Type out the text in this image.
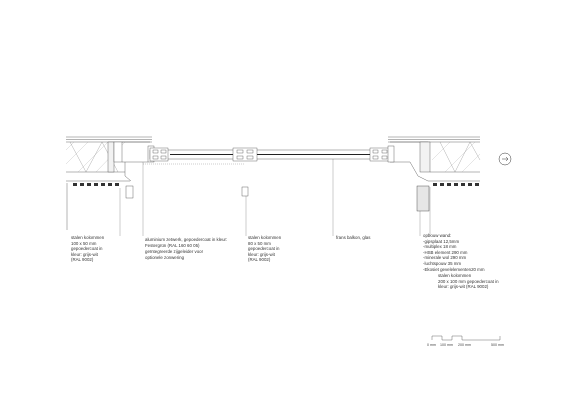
stalen kolommen
100 x 50 mm
gepoedercoat in
kleur: grijs-wit
(RAL 9002)
aluminium zetwerk, gepoedercoat in kleur:
Festergrün (RAL 160 60 05)
geïntegreerde zijgeleider voor
optionele zonwering
stalen kolommen
80 x 50 mm
gepoedercoat in
kleur: grijs-wit
(RAL 9002)
frans balkon, glas	opbouw wand:
-gipsplaat 12,5mm
-multiplex 18 mm
-HSB element 290 mm
-minerale wol 290 mm
-luchtspouw 35 mm
-Ekosiet gevelelementen20 mm
stalen kolommen
200 x 100 mm gepoedercoat in
kleur: grijs-wit (RAL 9002)
0 mm 100 mm 200 mm	500 mm
